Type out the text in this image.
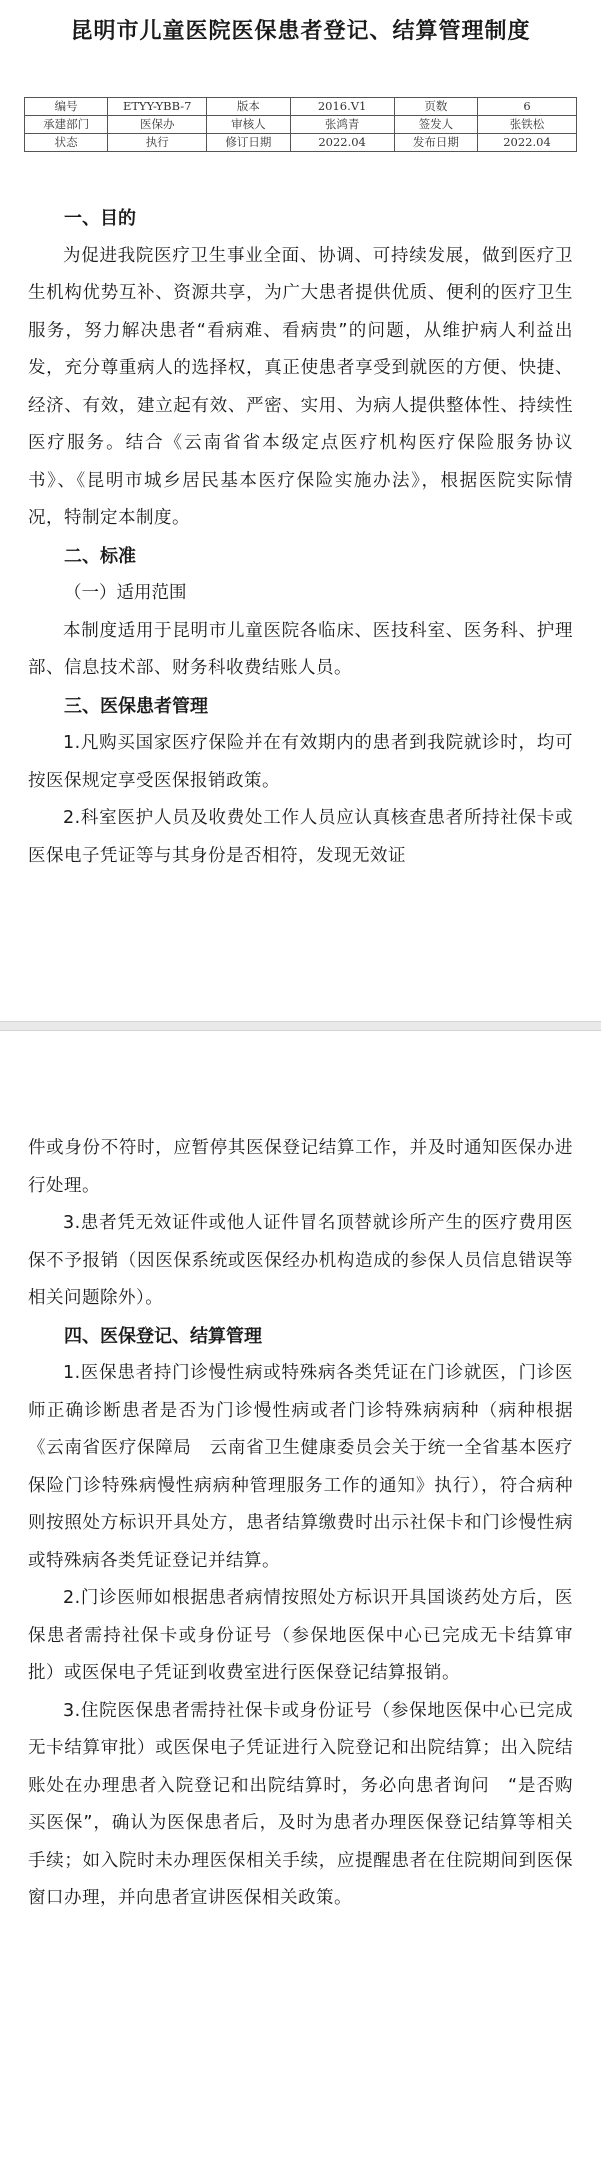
昆明市儿童医院医保患者登记、结算管理制度
编号	ETYY-YBB-7	版本	2016.V1	页数	6
承建部门	医保办	审核人	张鸿青	签发人	张铁松
状态	执行	修订日期	2022.04	发布日期	2022.04
一、目的

为促进我院医疗卫生事业全面、协调、可持续发展，做到医疗卫生机构优势互补、资源共享，为广大患者提供优质、便利的医疗卫生服务，努力解决患者“看病难、看病贵”的问题，从维护病人利益出发，充分尊重病人的选择权，真正使患者享受到就医的方便、快捷、经济、有效，建立起有效、严密、实用、为病人提供整体性、持续性医疗服务。结合《云南省省本级定点医疗机构医疗保险服务协议书》、《昆明市城乡居民基本医疗保险实施办法》，根据医院实际情况，特制定本制度。

二、标准
（一）适用范围

本制度适用于昆明市儿童医院各临床、医技科室、医务科、护理部、信息技术部、财务科收费结账人员。

三、医保患者管理

1.凡购买国家医疗保险并在有效期内的患者到我院就诊时，均可按医保规定享受医保报销政策。

2.科室医护人员及收费处工作人员应认真核查患者所持社保卡或医保电子凭证等与其身份是否相符，发现无效证

件或身份不符时，应暂停其医保登记结算工作，并及时通知医保办进行处理。

3.患者凭无效证件或他人证件冒名顶替就诊所产生的医疗费用医保不予报销（因医保系统或医保经办机构造成的参保人员信息错误等相关问题除外）。

四、医保登记、结算管理

1.医保患者持门诊慢性病或特殊病各类凭证在门诊就医，门诊医师正确诊断患者是否为门诊慢性病或者门诊特殊病病种（病种根据《云南省医疗保障局　云南省卫生健康委员会关于统一全省基本医疗保险门诊特殊病慢性病病种管理服务工作的通知》执行），符合病种则按照处方标识开具处方，患者结算缴费时出示社保卡和门诊慢性病或特殊病各类凭证登记并结算。

2.门诊医师如根据患者病情按照处方标识开具国谈药处方后，医保患者需持社保卡或身份证号（参保地医保中心已完成无卡结算审批）或医保电子凭证到收费室进行医保登记结算报销。

3.住院医保患者需持社保卡或身份证号（参保地医保中心已完成无卡结算审批）或医保电子凭证进行入院登记和出院结算；出入院结账处在办理患者入院登记和出院结算时，务必向患者询问　“是否购买医保”，确认为医保患者后，及时为患者办理医保登记结算等相关手续；如入院时未办理医保相关手续，应提醒患者在住院期间到医保窗口办理，并向患者宣讲医保相关政策。
